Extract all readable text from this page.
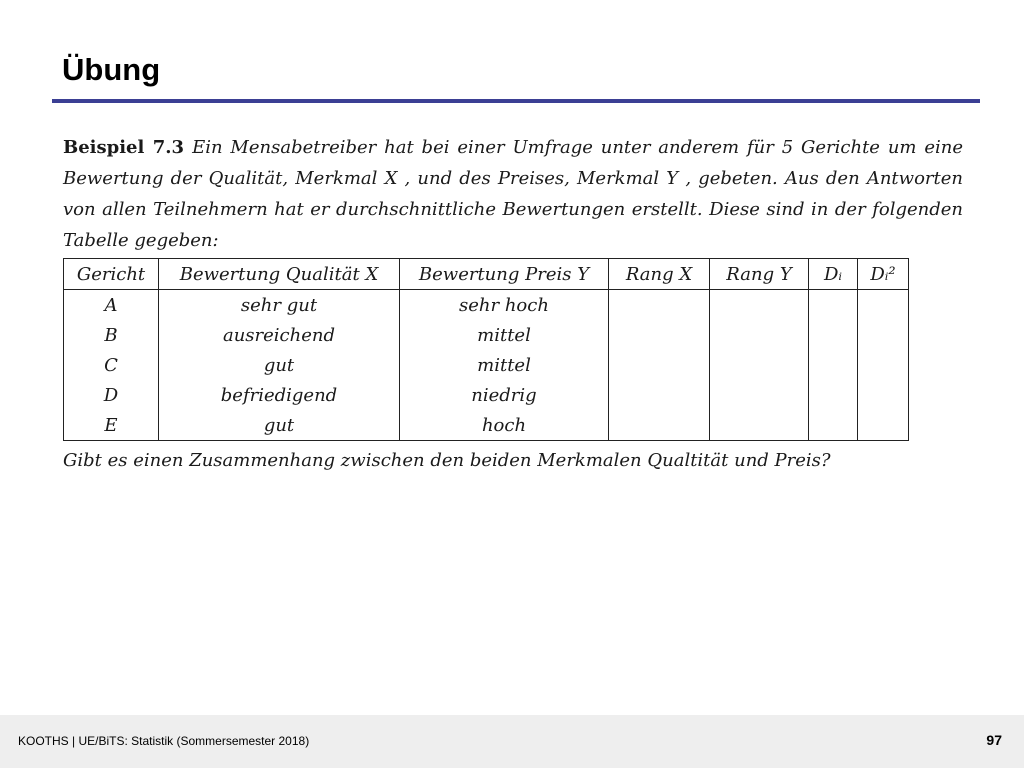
Übung

Beispiel 7.3 Ein Mensabetreiber hat bei einer Umfrage unter anderem für 5 Gerichte um eine Bewertung der Qualität, Merkmal X , und des Preises, Merkmal Y , gebeten. Aus den Antworten von allen Teilnehmern hat er durchschnittliche Bewertungen erstellt. Diese sind in der folgenden Tabelle gegeben:

Gericht	Bewertung Qualität X	Bewertung Preis Y	Rang X	Rang Y	Dᵢ	Dᵢ²
A	sehr gut	sehr hoch				
B	ausreichend	mittel				
C	gut	mittel				
D	befriedigend	niedrig				
E	gut	hoch				

Gibt es einen Zusammenhang zwischen den beiden Merkmalen Qualtität und Preis?

KOOTHS | UE/BiTS: Statistik (Sommersemester 2018)	97
